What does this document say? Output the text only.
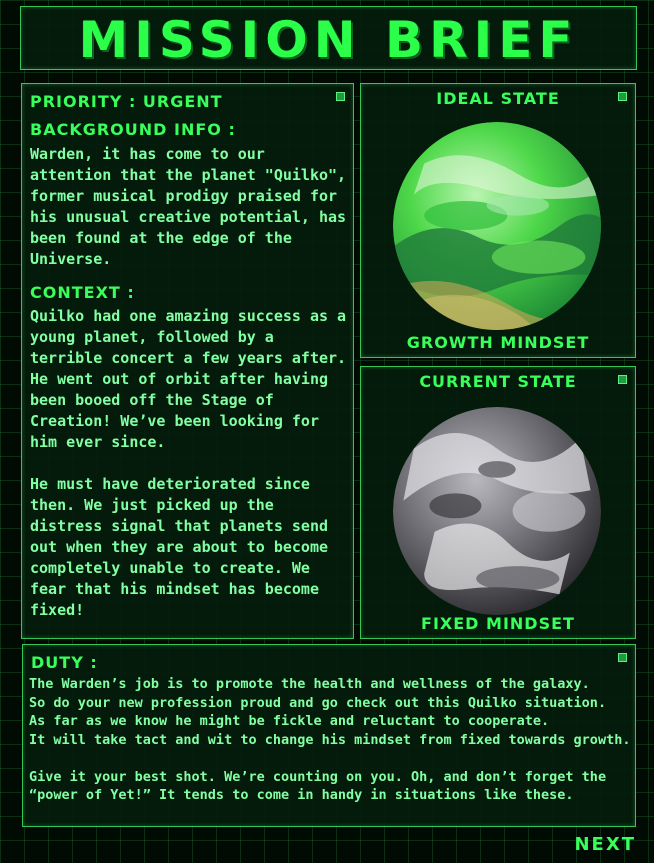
MISSION BRIEF
PRIORITY : URGENT
BACKGROUND INFO :
Warden, it has come to our attention that the planet "Quilko", former musical prodigy praised for his unusual creative potential, has been found at the edge of the Universe.
CONTEXT :
Quilko had one amazing success as a young planet, followed by a terrible concert a few years after. He went out of orbit after having been booed off the Stage of Creation! We’ve been looking for him ever since.

He must have deteriorated since then. We just picked up the distress signal that planets send out when they are about to become completely unable to create. We fear that his mindset has become fixed!
IDEAL STATE
GROWTH MINDSET
CURRENT STATE
FIXED MINDSET
DUTY :
The Warden’s job is to promote the health and wellness of the galaxy.
So do your new profession proud and go check out this Quilko situation.
As far as we know he might be fickle and reluctant to cooperate.
It will take tact and wit to change his mindset from fixed towards growth.

Give it your best shot. We’re counting on you. Oh, and don’t forget the “power of Yet!” It tends to come in handy in situations like these.
NEXT
